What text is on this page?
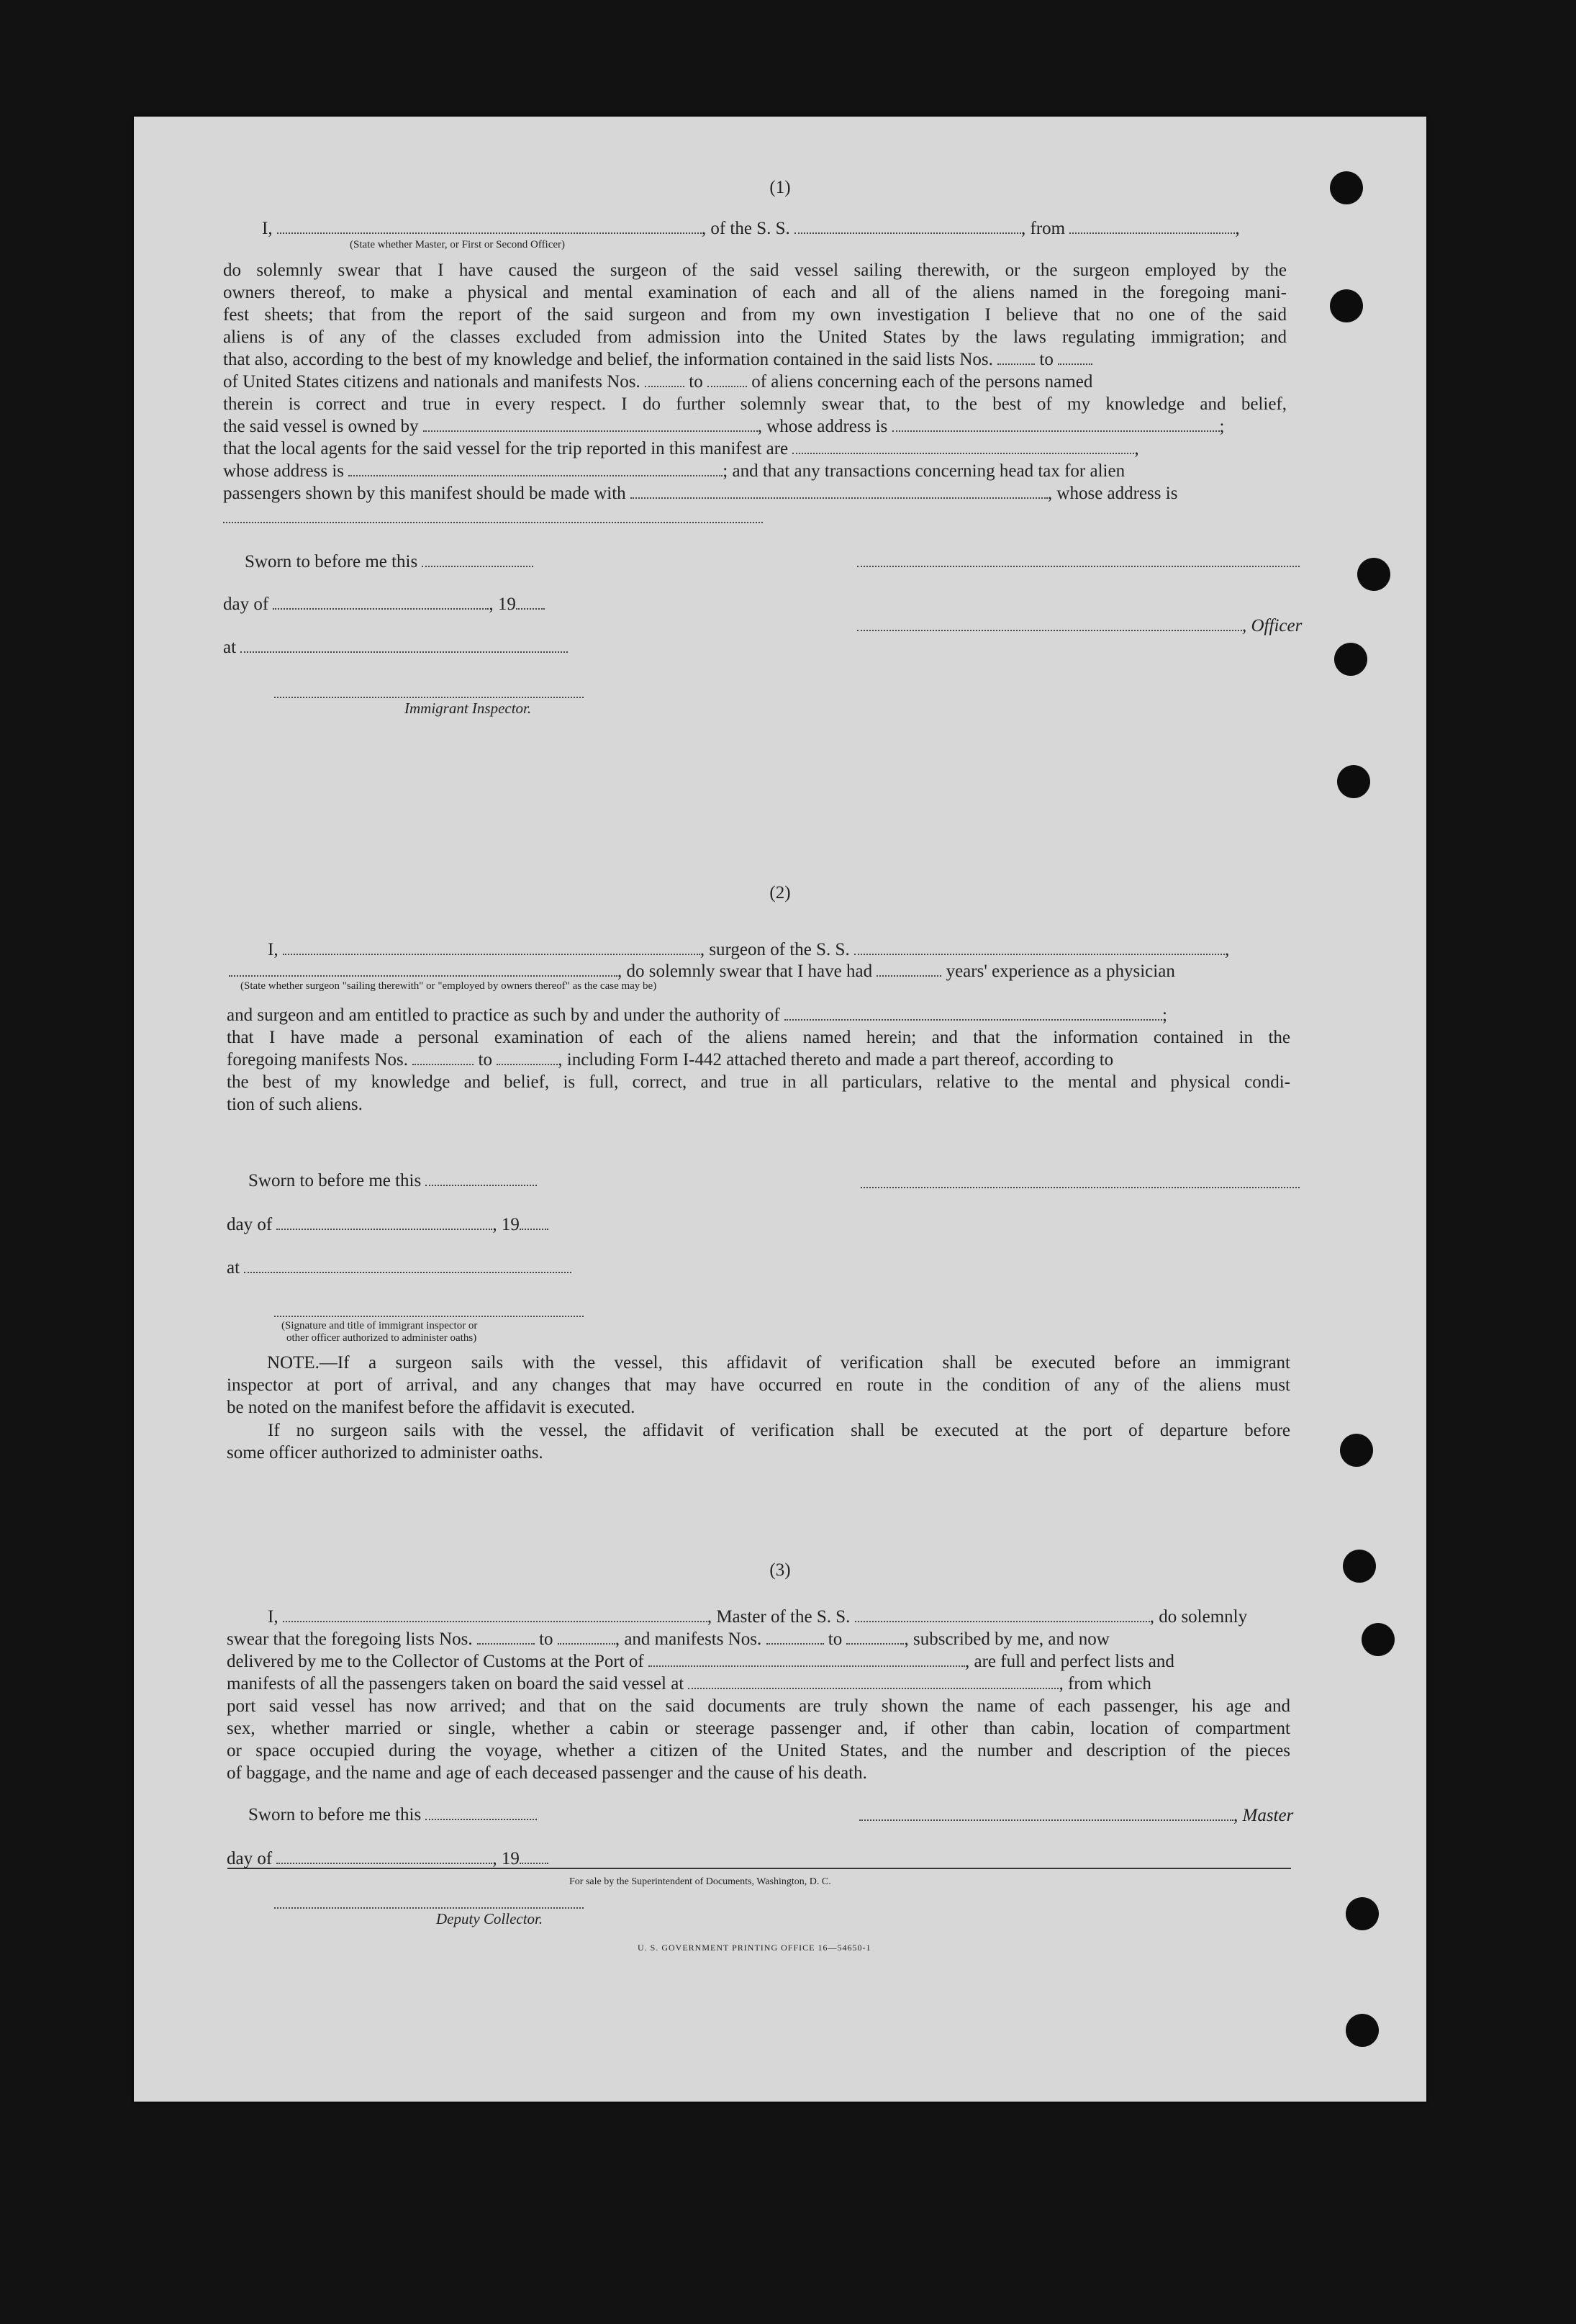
(1)
I,	, of the S. S.	, from	,
(State whether Master, or First or Second Officer)
do solemnly swear that I have caused the surgeon of the said vessel sailing therewith, or the surgeon employed by the
owners thereof, to make a physical and mental examination of each and all of the aliens named in the foregoing mani-
fest sheets; that from the report of the said surgeon and from my own investigation I believe that no one of the said
aliens is of any of the classes excluded from admission into the United States by the laws regulating immigration; and
that also, according to the best of my knowledge and belief, the information contained in the said lists Nos.	to
of United States citizens and nationals and manifests Nos.	to	of aliens concerning each of the persons named
therein is correct and true in every respect. I do further solemnly swear that, to the best of my knowledge and belief,
the said vessel is owned by	, whose address is	;
that the local agents for the said vessel for the trip reported in this manifest are	,
whose address is	; and that any transactions concerning head tax for alien
passengers shown by this manifest should be made with	, whose address is
Sworn to before me this
day of	, 19
, Officer
at
Immigrant Inspector.
(2)
I,	, surgeon of the S. S.	,
, do solemnly swear that I have had	years' experience as a physician
(State whether surgeon "sailing therewith" or "employed by owners thereof" as the case may be)
and surgeon and am entitled to practice as such by and under the authority of	;
that I have made a personal examination of each of the aliens named herein; and that the information contained in the
foregoing manifests Nos.	to	, including Form I-442 attached thereto and made a part thereof, according to
the best of my knowledge and belief, is full, correct, and true in all particulars, relative to the mental and physical condi-
tion of such aliens.
Sworn to before me this
day of	, 19
at
(Signature and title of immigrant inspector or
other officer authorized to administer oaths)
NOTE.—If a surgeon sails with the vessel, this affidavit of verification shall be executed before an immigrant
inspector at port of arrival, and any changes that may have occurred en route in the condition of any of the aliens must
be noted on the manifest before the affidavit is executed.
If no surgeon sails with the vessel, the affidavit of verification shall be executed at the port of departure before
some officer authorized to administer oaths.
(3)
I,	, Master of the S. S.	, do solemnly
swear that the foregoing lists Nos.	to	, and manifests Nos.	to	, subscribed by me, and now
delivered by me to the Collector of Customs at the Port of	, are full and perfect lists and
manifests of all the passengers taken on board the said vessel at	, from which
port said vessel has now arrived; and that on the said documents are truly shown the name of each passenger, his age and
sex, whether married or single, whether a cabin or steerage passenger and, if other than cabin, location of compartment
or space occupied during the voyage, whether a citizen of the United States, and the number and description of the pieces
of baggage, and the name and age of each deceased passenger and the cause of his death.
Sworn to before me this	, Master
day of	, 19
Deputy Collector.
U. S. GOVERNMENT PRINTING OFFICE 16—54650-1
For sale by the Superintendent of Documents, Washington, D. C.
